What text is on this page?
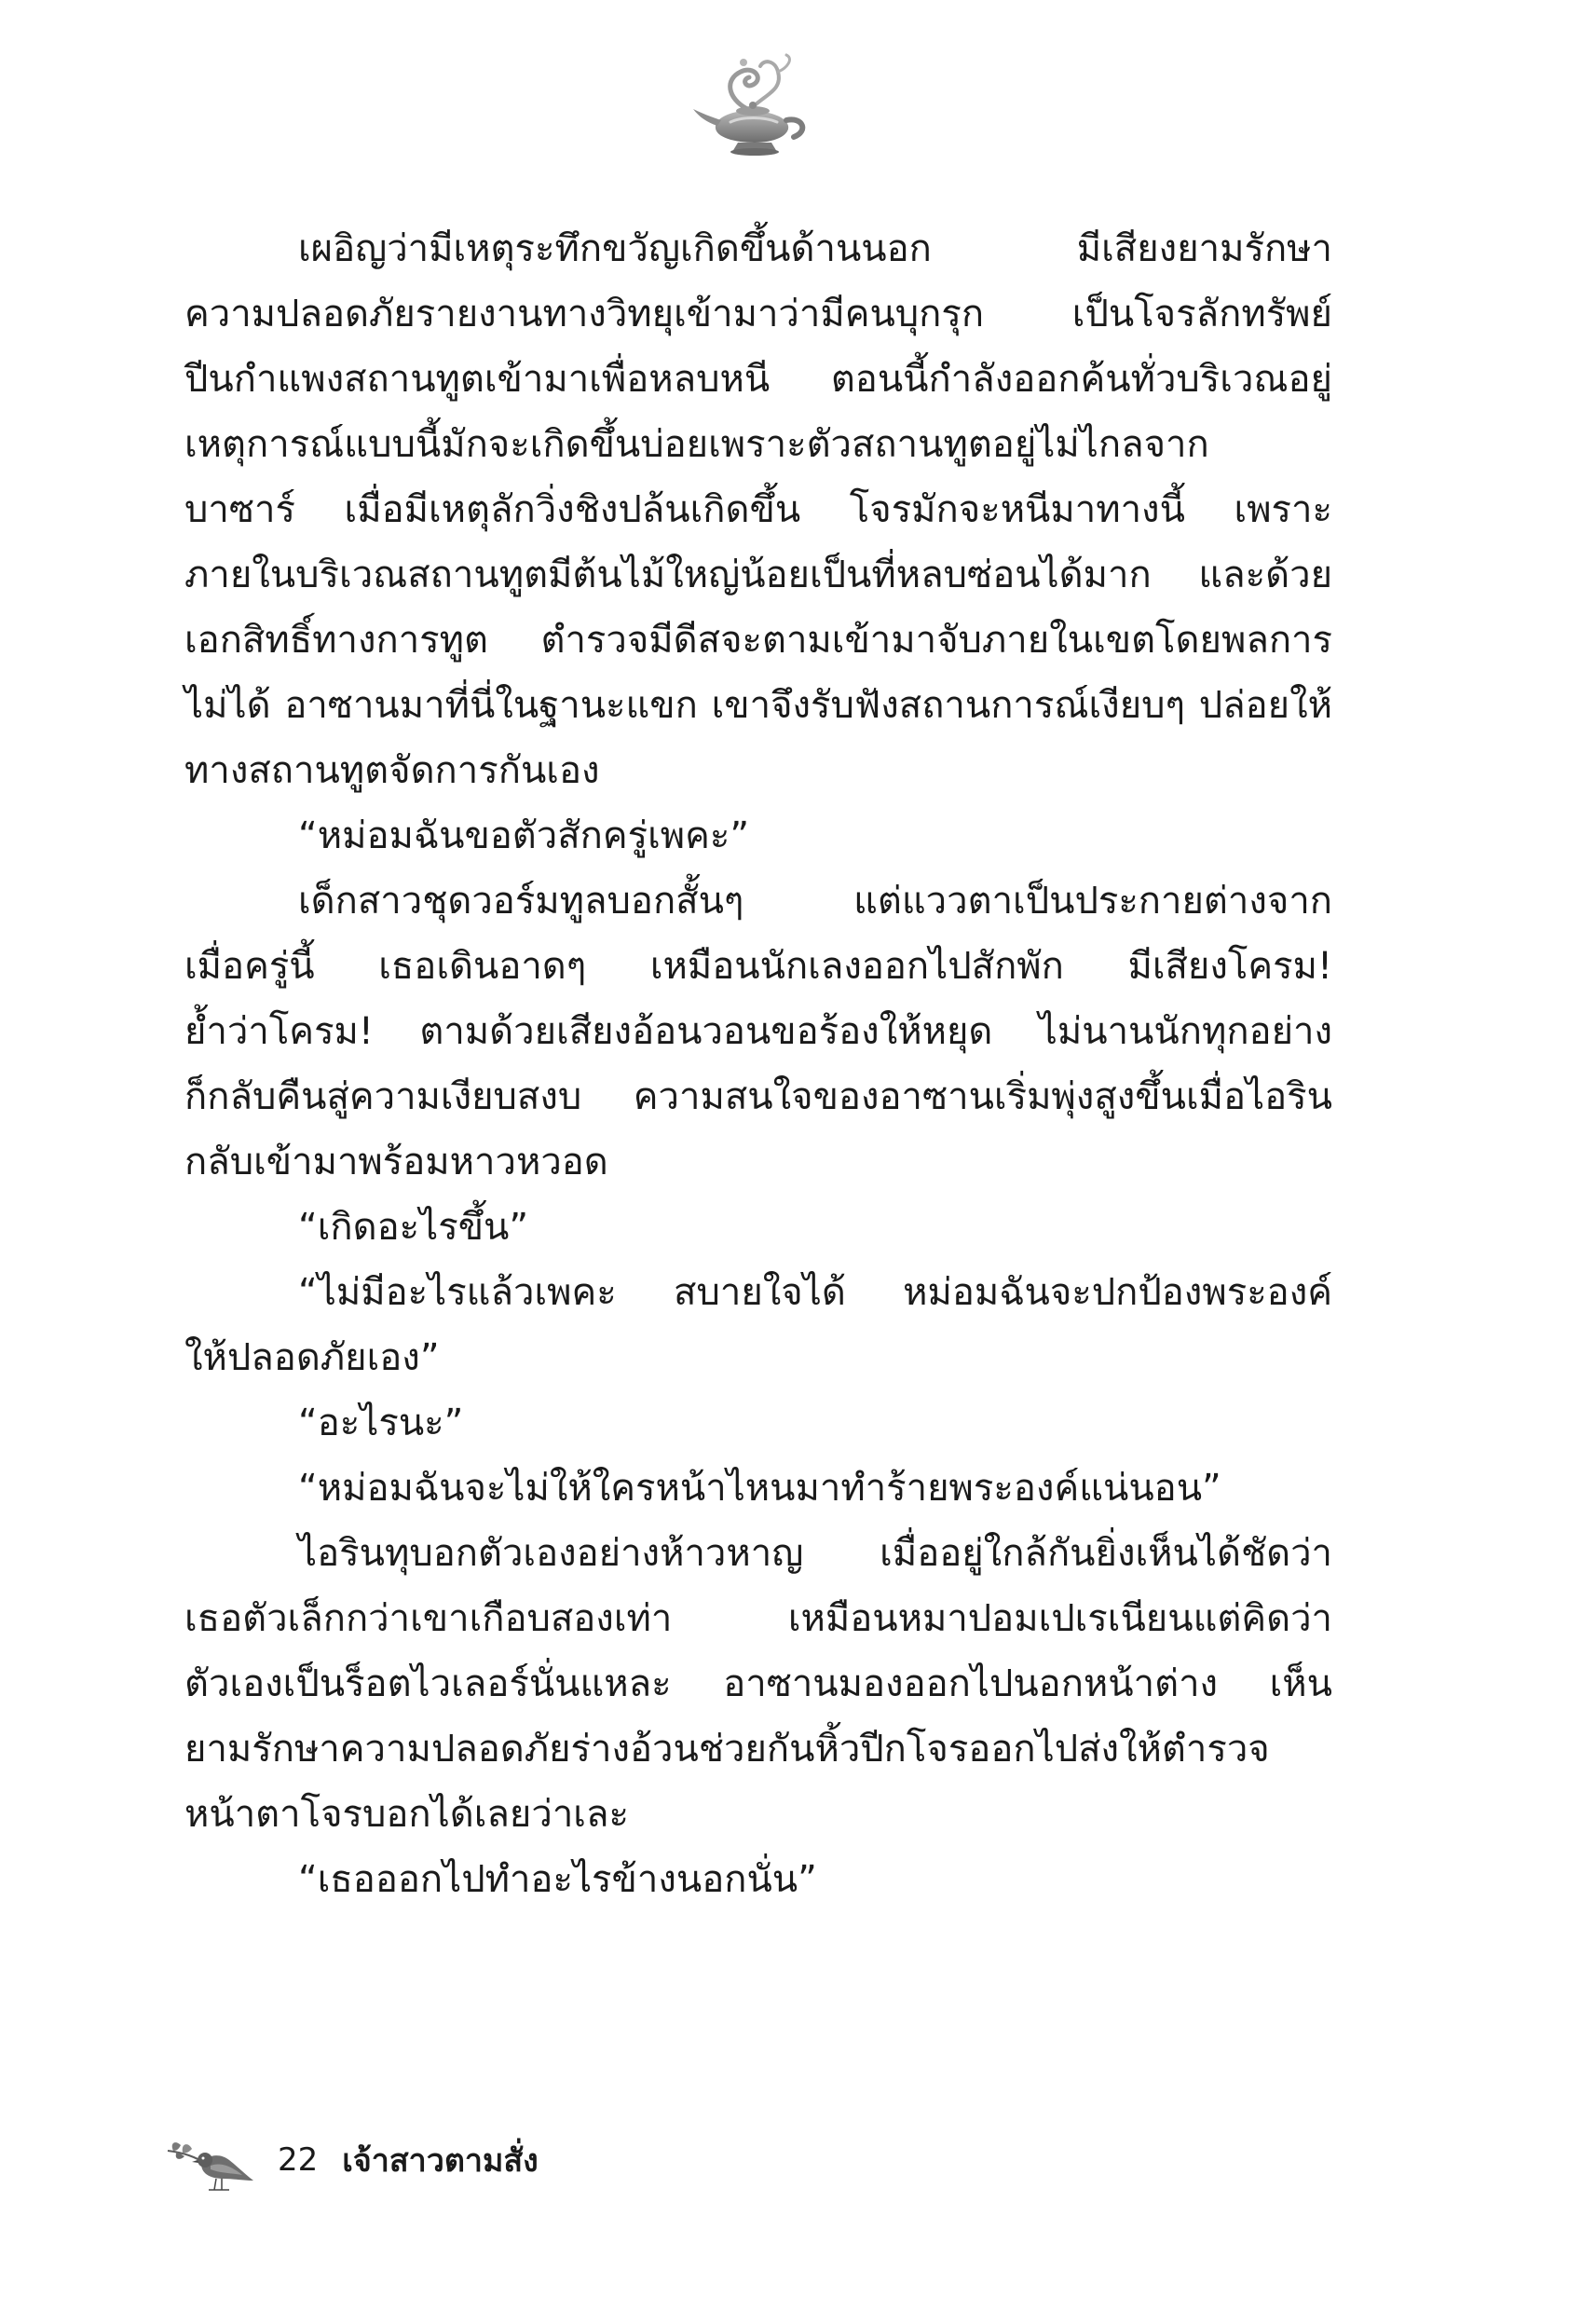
เผอิญว่ามีเหตุระทึกขวัญเกิดขึ้นด้านนอก มีเสียงยามรักษา
ความปลอดภัยรายงานทางวิทยุเข้ามาว่ามีคนบุกรุก เป็นโจรลักทรัพย์
ปีนกำแพงสถานทูตเข้ามาเพื่อหลบหนี ตอนนี้กำลังออกค้นทั่วบริเวณอยู่
เหตุการณ์แบบนี้มักจะเกิดขึ้นบ่อยเพราะตัวสถานทูตอยู่ไม่ไกลจาก
บาซาร์ เมื่อมีเหตุลักวิ่งชิงปล้นเกิดขึ้น โจรมักจะหนีมาทางนี้ เพราะ
ภายในบริเวณสถานทูตมีต้นไม้ใหญ่น้อยเป็นที่หลบซ่อนได้มาก และด้วย
เอกสิทธิ์ทางการทูต ตำรวจมีดีสจะตามเข้ามาจับภายในเขตโดยพลการ
ไม่ได้ อาซานมาที่นี่ในฐานะแขก เขาจึงรับฟังสถานการณ์เงียบๆ ปล่อยให้
ทางสถานทูตจัดการกันเอง
“หม่อมฉันขอตัวสักครู่เพคะ”
เด็กสาวชุดวอร์มทูลบอกสั้นๆ แต่แววตาเป็นประกายต่างจาก
เมื่อครู่นี้ เธอเดินอาดๆ เหมือนนักเลงออกไปสักพัก มีเสียงโครม!
ย้ำว่าโครม! ตามด้วยเสียงอ้อนวอนขอร้องให้หยุด ไม่นานนักทุกอย่าง
ก็กลับคืนสู่ความเงียบสงบ ความสนใจของอาซานเริ่มพุ่งสูงขึ้นเมื่อไอริน
กลับเข้ามาพร้อมหาวหวอด
“เกิดอะไรขึ้น”
“ไม่มีอะไรแล้วเพคะ สบายใจได้ หม่อมฉันจะปกป้องพระองค์
ให้ปลอดภัยเอง”
“อะไรนะ”
“หม่อมฉันจะไม่ให้ใครหน้าไหนมาทำร้ายพระองค์แน่นอน”
ไอรินทุบอกตัวเองอย่างห้าวหาญ เมื่ออยู่ใกล้กันยิ่งเห็นได้ชัดว่า
เธอตัวเล็กกว่าเขาเกือบสองเท่า เหมือนหมาปอมเปเรเนียนแต่คิดว่า
ตัวเองเป็นร็อตไวเลอร์นั่นแหละ อาซานมองออกไปนอกหน้าต่าง เห็น
ยามรักษาความปลอดภัยร่างอ้วนช่วยกันหิ้วปีกโจรออกไปส่งให้ตำรวจ
หน้าตาโจรบอกได้เลยว่าเละ
“เธอออกไปทำอะไรข้างนอกนั่น”
22 เจ้าสาวตามสั่ง
